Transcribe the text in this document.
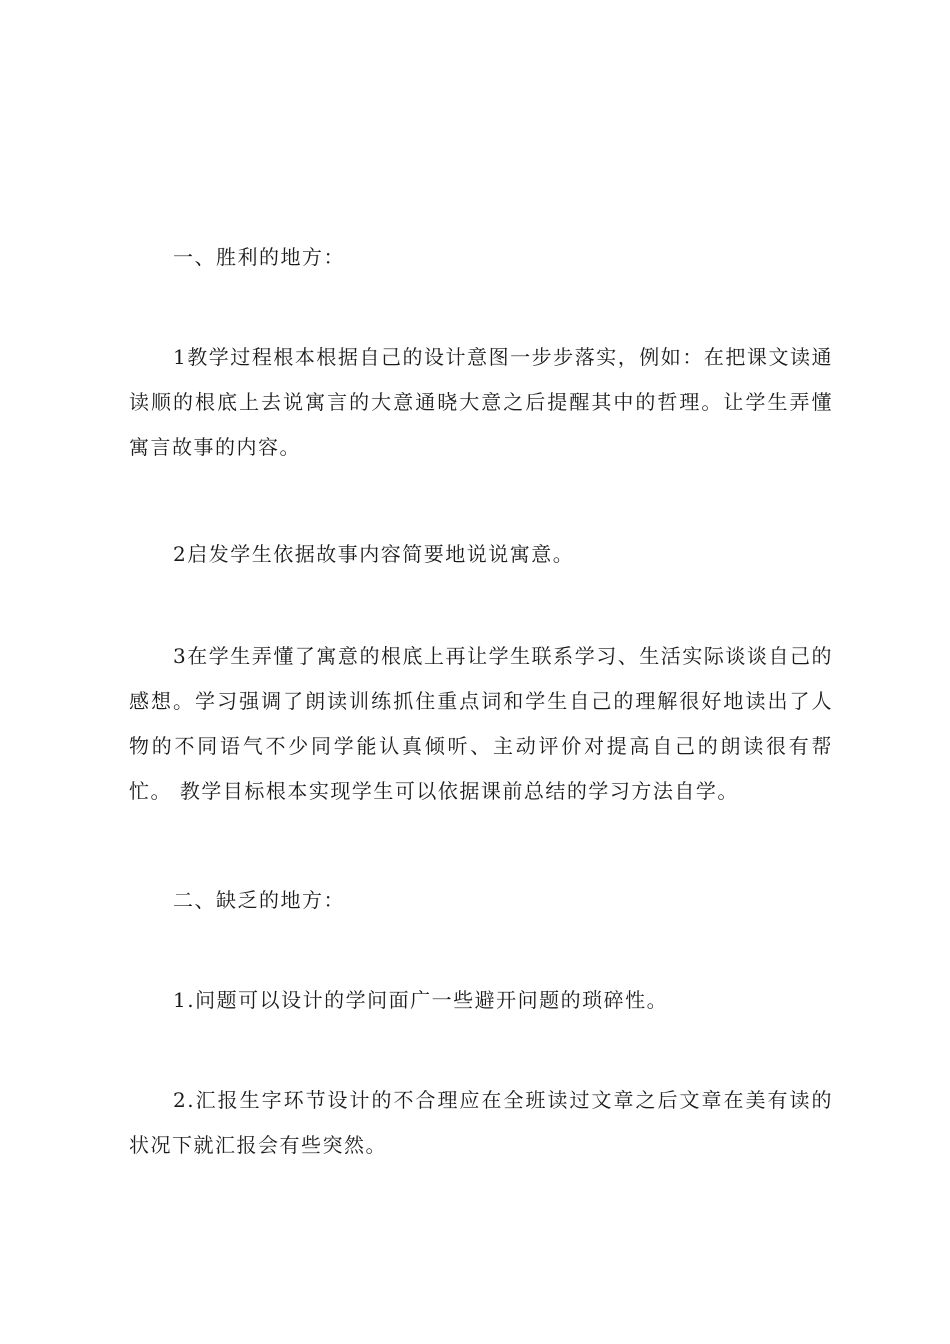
一、胜利的地方：

1教学过程根本根据自己的设计意图一步步落实，例如：在把课文读通读顺的根底上去说寓言的大意通晓大意之后提醒其中的哲理。让学生弄懂寓言故事的内容。

2启发学生依据故事内容简要地说说寓意。

3在学生弄懂了寓意的根底上再让学生联系学习、生活实际谈谈自己的感想。学习强调了朗读训练抓住重点词和学生自己的理解很好地读出了人物的不同语气不少同学能认真倾听、主动评价对提高自己的朗读很有帮忙。 教学目标根本实现学生可以依据课前总结的学习方法自学。

二、缺乏的地方：

1.问题可以设计的学问面广一些避开问题的琐碎性。

2.汇报生字环节设计的不合理应在全班读过文章之后文章在美有读的状况下就汇报会有些突然。
